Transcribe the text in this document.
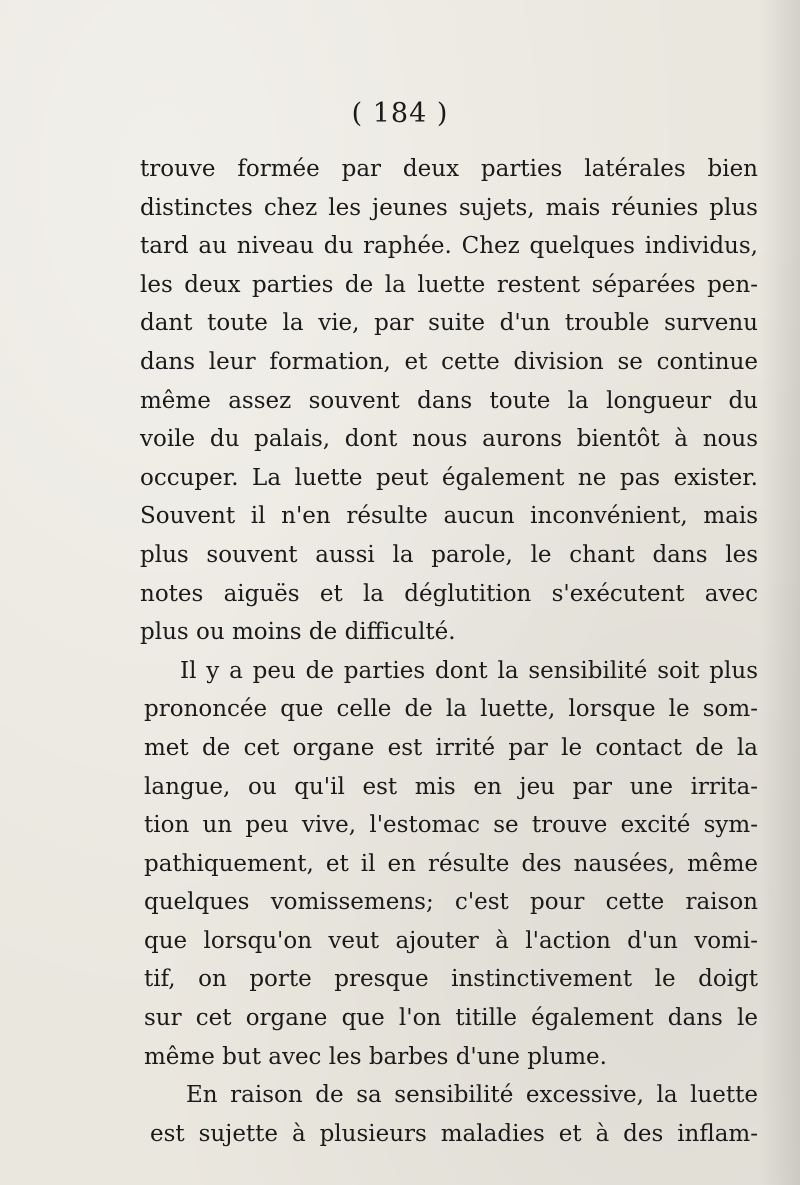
( 184 )
trouve formée par deux parties latérales bien
distinctes chez les jeunes sujets, mais réunies plus
tard au niveau du raphée. Chez quelques individus,
les deux parties de la luette restent séparées pen-
dant toute la vie, par suite d'un trouble survenu
dans leur formation, et cette division se continue
même assez souvent dans toute la longueur du
voile du palais, dont nous aurons bientôt à nous
occuper. La luette peut également ne pas exister.
Souvent il n'en résulte aucun inconvénient, mais
plus souvent aussi la parole, le chant dans les
notes aiguës et la déglutition s'exécutent avec
plus ou moins de difficulté.
Il y a peu de parties dont la sensibilité soit plus
prononcée que celle de la luette, lorsque le som-
met de cet organe est irrité par le contact de la
langue, ou qu'il est mis en jeu par une irrita-
tion un peu vive, l'estomac se trouve excité sym-
pathiquement, et il en résulte des nausées, même
quelques vomissemens; c'est pour cette raison
que lorsqu'on veut ajouter à l'action d'un vomi-
tif, on porte presque instinctivement le doigt
sur cet organe que l'on titille également dans le
même but avec les barbes d'une plume.
En raison de sa sensibilité excessive, la luette
est sujette à plusieurs maladies et à des inflam-
